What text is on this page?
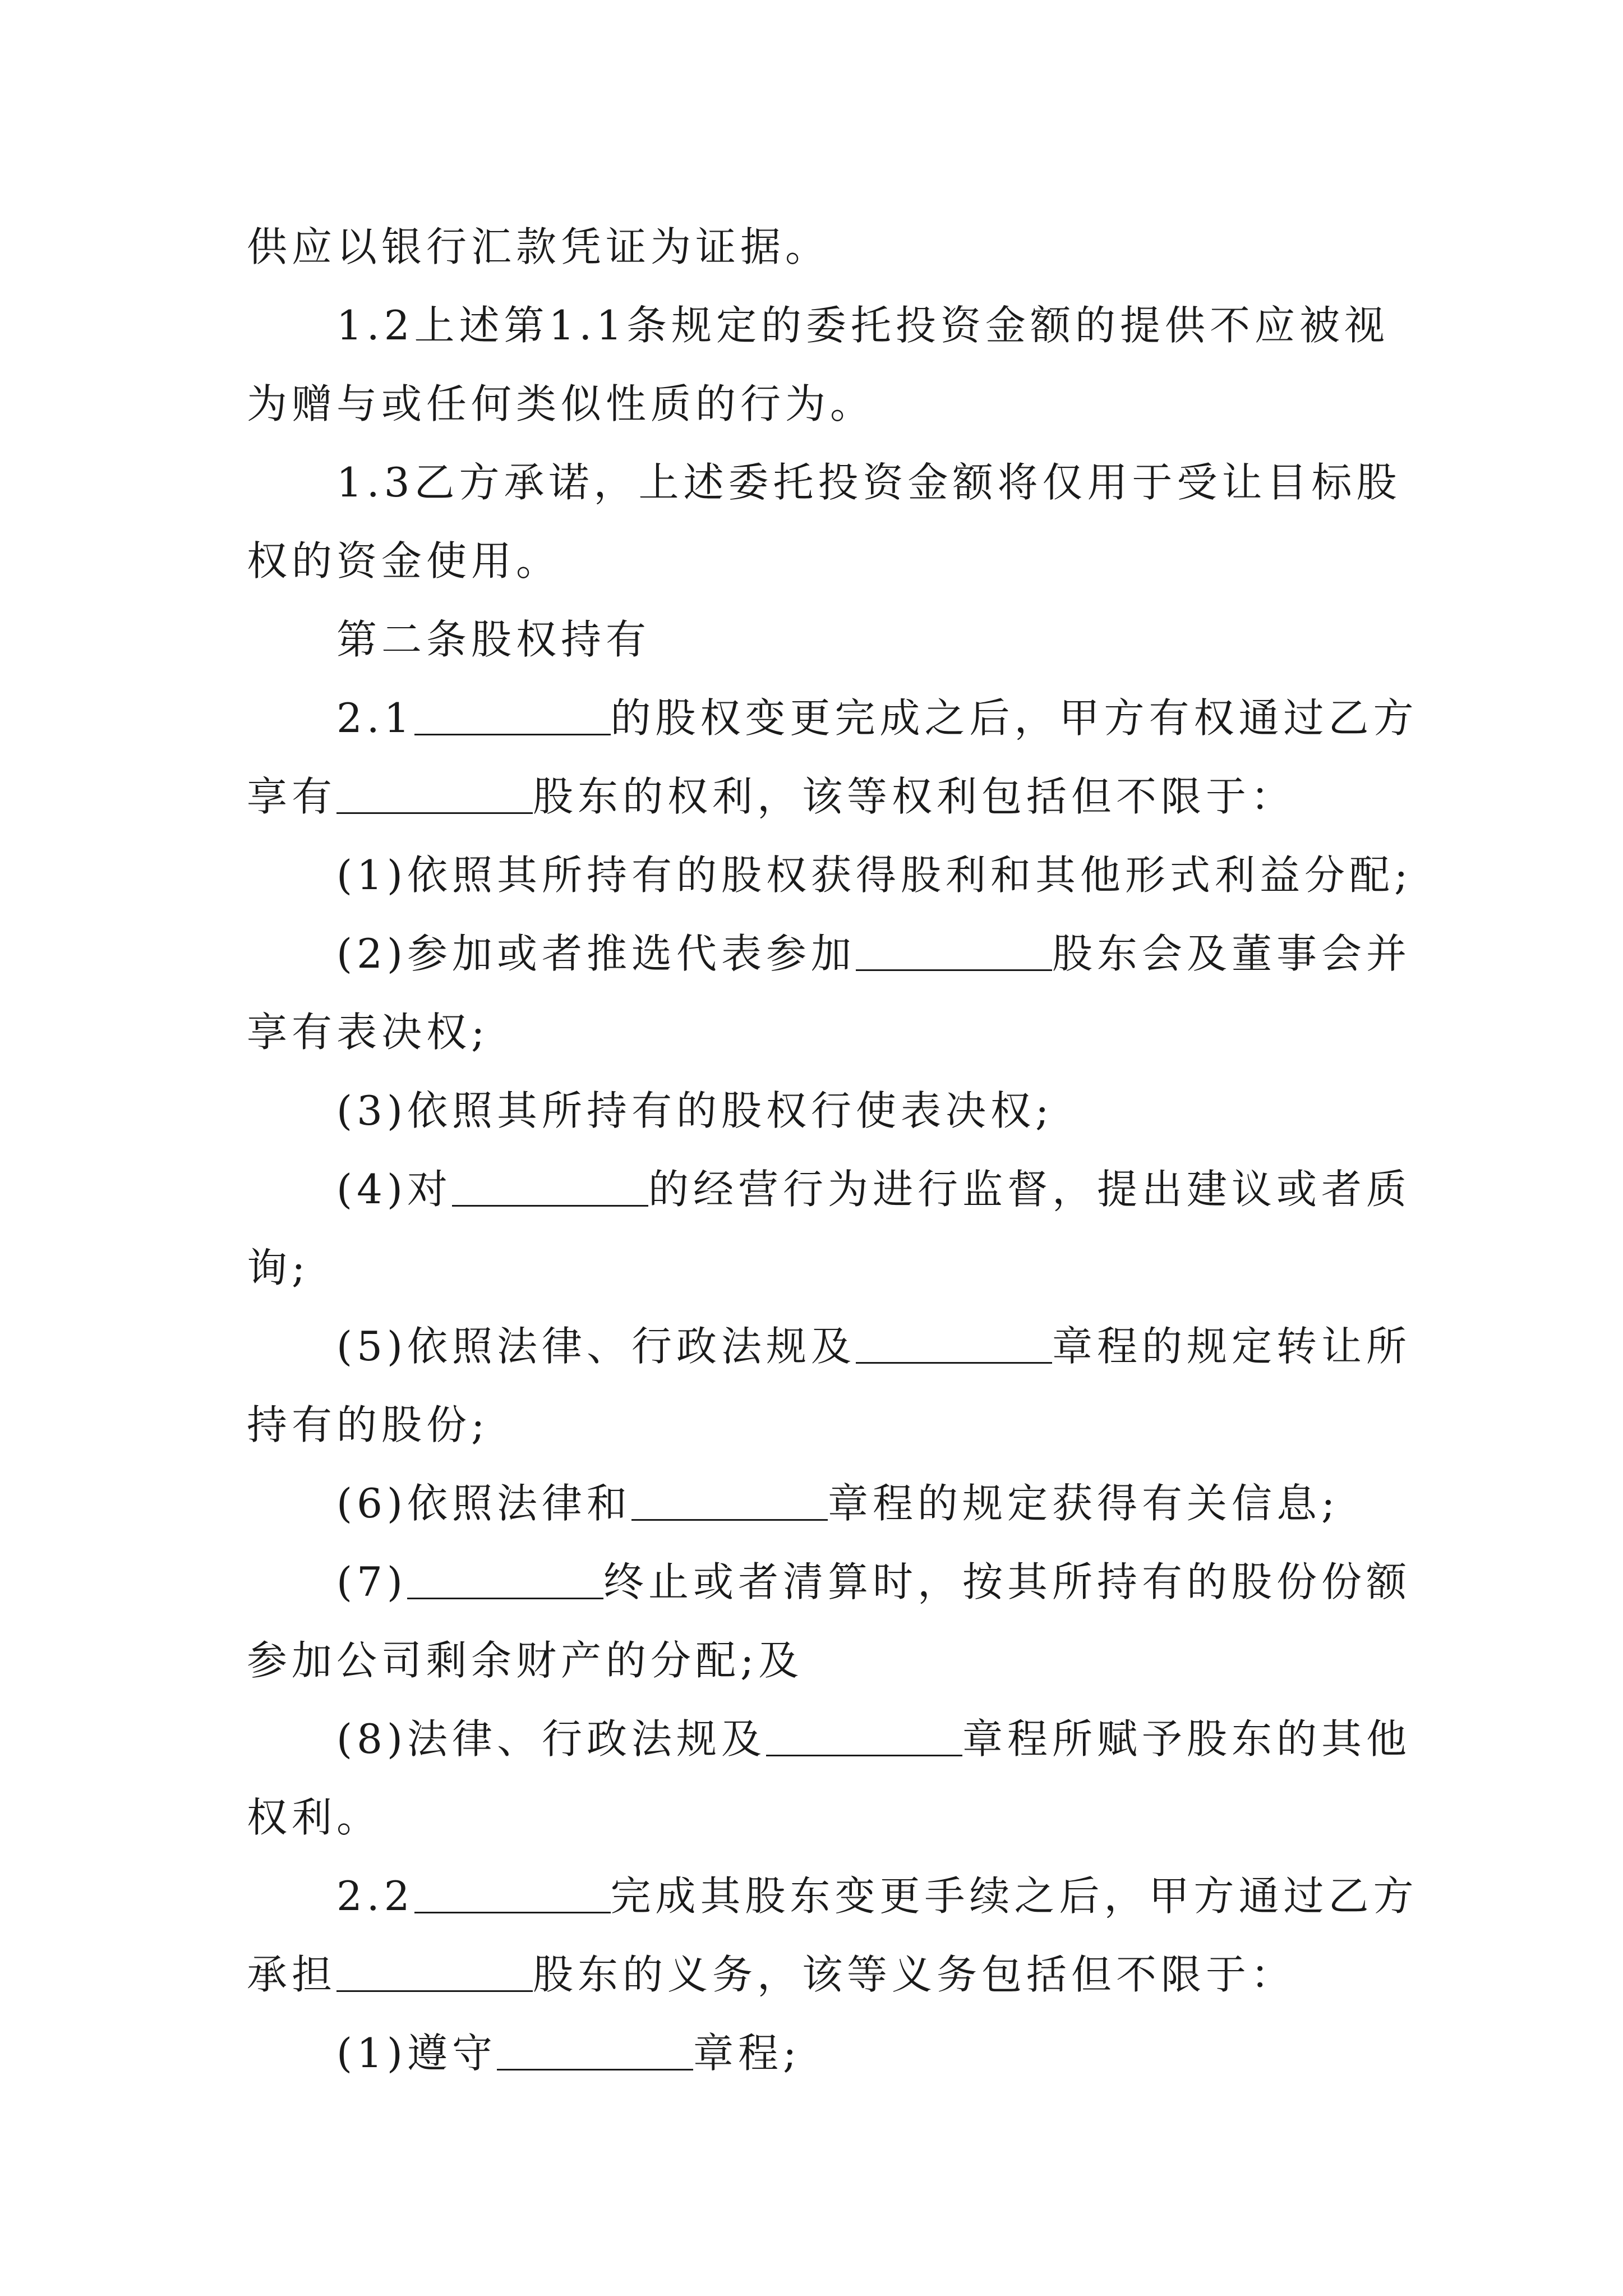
供应以银行汇款凭证为证据。
1.2上述第1.1条规定的委托投资金额的提供不应被视
为赠与或任何类似性质的行为。
1.3乙方承诺，上述委托投资金额将仅用于受让目标股
权的资金使用。
第二条股权持有
2.1	的股权变更完成之后，甲方有权通过乙方
享有	股东的权利，该等权利包括但不限于：
(1)依照其所持有的股权获得股利和其他形式利益分配;
(2)参加或者推选代表参加	股东会及董事会并
享有表决权;
(3)依照其所持有的股权行使表决权;
(4)对	的经营行为进行监督，提出建议或者质
询;
(5)依照法律、行政法规及	章程的规定转让所
持有的股份;
(6)依照法律和	章程的规定获得有关信息;
(7)	终止或者清算时，按其所持有的股份份额
参加公司剩余财产的分配;及
(8)法律、行政法规及	章程所赋予股东的其他
权利。
2.2	完成其股东变更手续之后，甲方通过乙方
承担	股东的义务，该等义务包括但不限于：
(1)遵守	章程;
